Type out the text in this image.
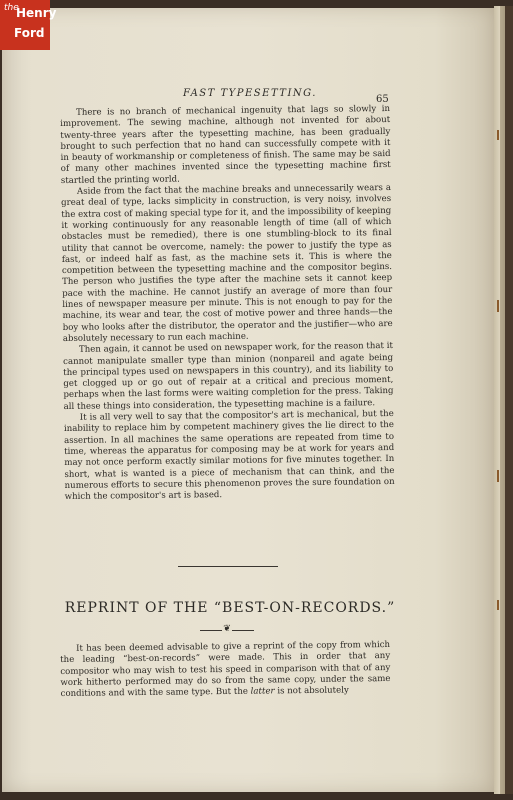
the
Henry
Ford
FAST TYPESETTING.
65

There is no branch of mechanical ingenuity that lags so slowly in improvement. The sewing machine, although not invented for about twenty-three years after the typesetting machine, has been gradually brought to such perfection that no hand can successfully compete with it in beauty of workmanship or completeness of finish. The same may be said of many other machines invented since the typesetting machine first startled the printing world.

Aside from the fact that the machine breaks and unnecessarily wears a great deal of type, lacks simplicity in construction, is very noisy, involves the extra cost of making special type for it, and the impossibility of keeping it working continuously for any reasonable length of time (all of which obstacles must be remedied), there is one stumbling-block to its final utility that cannot be overcome, namely: the power to justify the type as fast, or indeed half as fast, as the machine sets it. This is where the competition between the typesetting machine and the compositor begins. The person who justifies the type after the machine sets it cannot keep pace with the machine. He cannot justify an average of more than four lines of newspaper measure per minute. This is not enough to pay for the machine, its wear and tear, the cost of motive power and three hands—the boy who looks after the distributor, the operator and the justifier—who are absolutely necessary to run each machine.

Then again, it cannot be used on newspaper work, for the reason that it cannot manipulate smaller type than minion (nonpareil and agate being the principal types used on newspapers in this country), and its liability to get clogged up or go out of repair at a critical and precious moment, perhaps when the last forms were waiting completion for the press. Taking all these things into consideration, the typesetting machine is a failure.

It is all very well to say that the compositor's art is mechanical, but the inability to replace him by competent machinery gives the lie direct to the assertion. In all machines the same operations are repeated from time to time, whereas the apparatus for composing may be at work for years and may not once perform exactly similar motions for five minutes together. In short, what is wanted is a piece of mechanism that can think, and the numerous efforts to secure this phenomenon proves the sure foundation on which the compositor's art is based.

REPRINT OF THE “BEST-ON-RECORDS.”
❦

It has been deemed advisable to give a reprint of the copy from which the leading “best-on-records” were made. This in order that any compositor who may wish to test his speed in comparison with that of any work hitherto performed may do so from the same copy, under the same conditions and with the same type. But the latter is not absolutely
